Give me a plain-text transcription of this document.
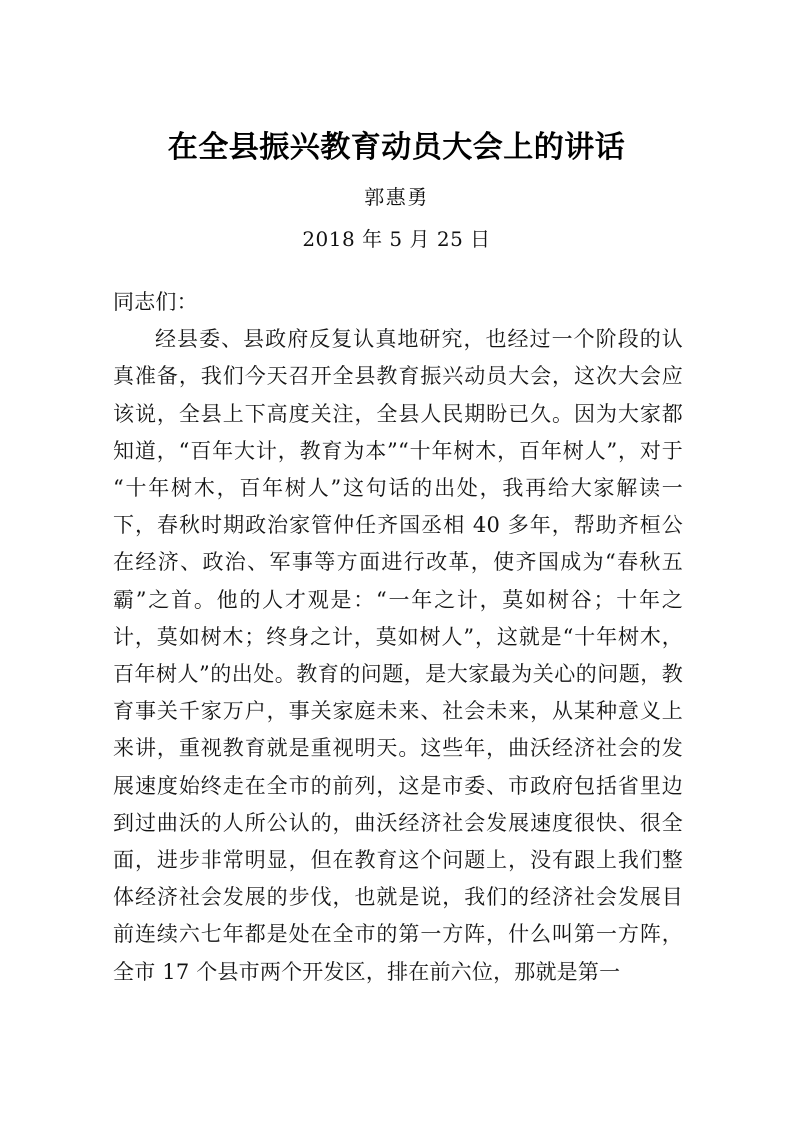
在全县振兴教育动员大会上的讲话
郭惠勇
2018 年 5 月 25 日

同志们：

经县委、县政府反复认真地研究，也经过一个阶段的认真准备，我们今天召开全县教育振兴动员大会，这次大会应该说，全县上下高度关注，全县人民期盼已久。因为大家都知道，“百年大计，教育为本”“十年树木，百年树人”，对于“十年树木，百年树人”这句话的出处，我再给大家解读一下，春秋时期政治家管仲任齐国丞相 40 多年，帮助齐桓公在经济、政治、军事等方面进行改革，使齐国成为“春秋五霸”之首。他的人才观是：“一年之计，莫如树谷；十年之计，莫如树木；终身之计，莫如树人”，这就是“十年树木，百年树人”的出处。教育的问题，是大家最为关心的问题，教育事关千家万户，事关家庭未来、社会未来，从某种意义上来讲，重视教育就是重视明天。这些年，曲沃经济社会的发展速度始终走在全市的前列，这是市委、市政府包括省里边到过曲沃的人所公认的，曲沃经济社会发展速度很快、很全面，进步非常明显，但在教育这个问题上，没有跟上我们整体经济社会发展的步伐，也就是说，我们的经济社会发展目前连续六七年都是处在全市的第一方阵，什么叫第一方阵，全市 17 个县市两个开发区，排在前六位，那就是第一
